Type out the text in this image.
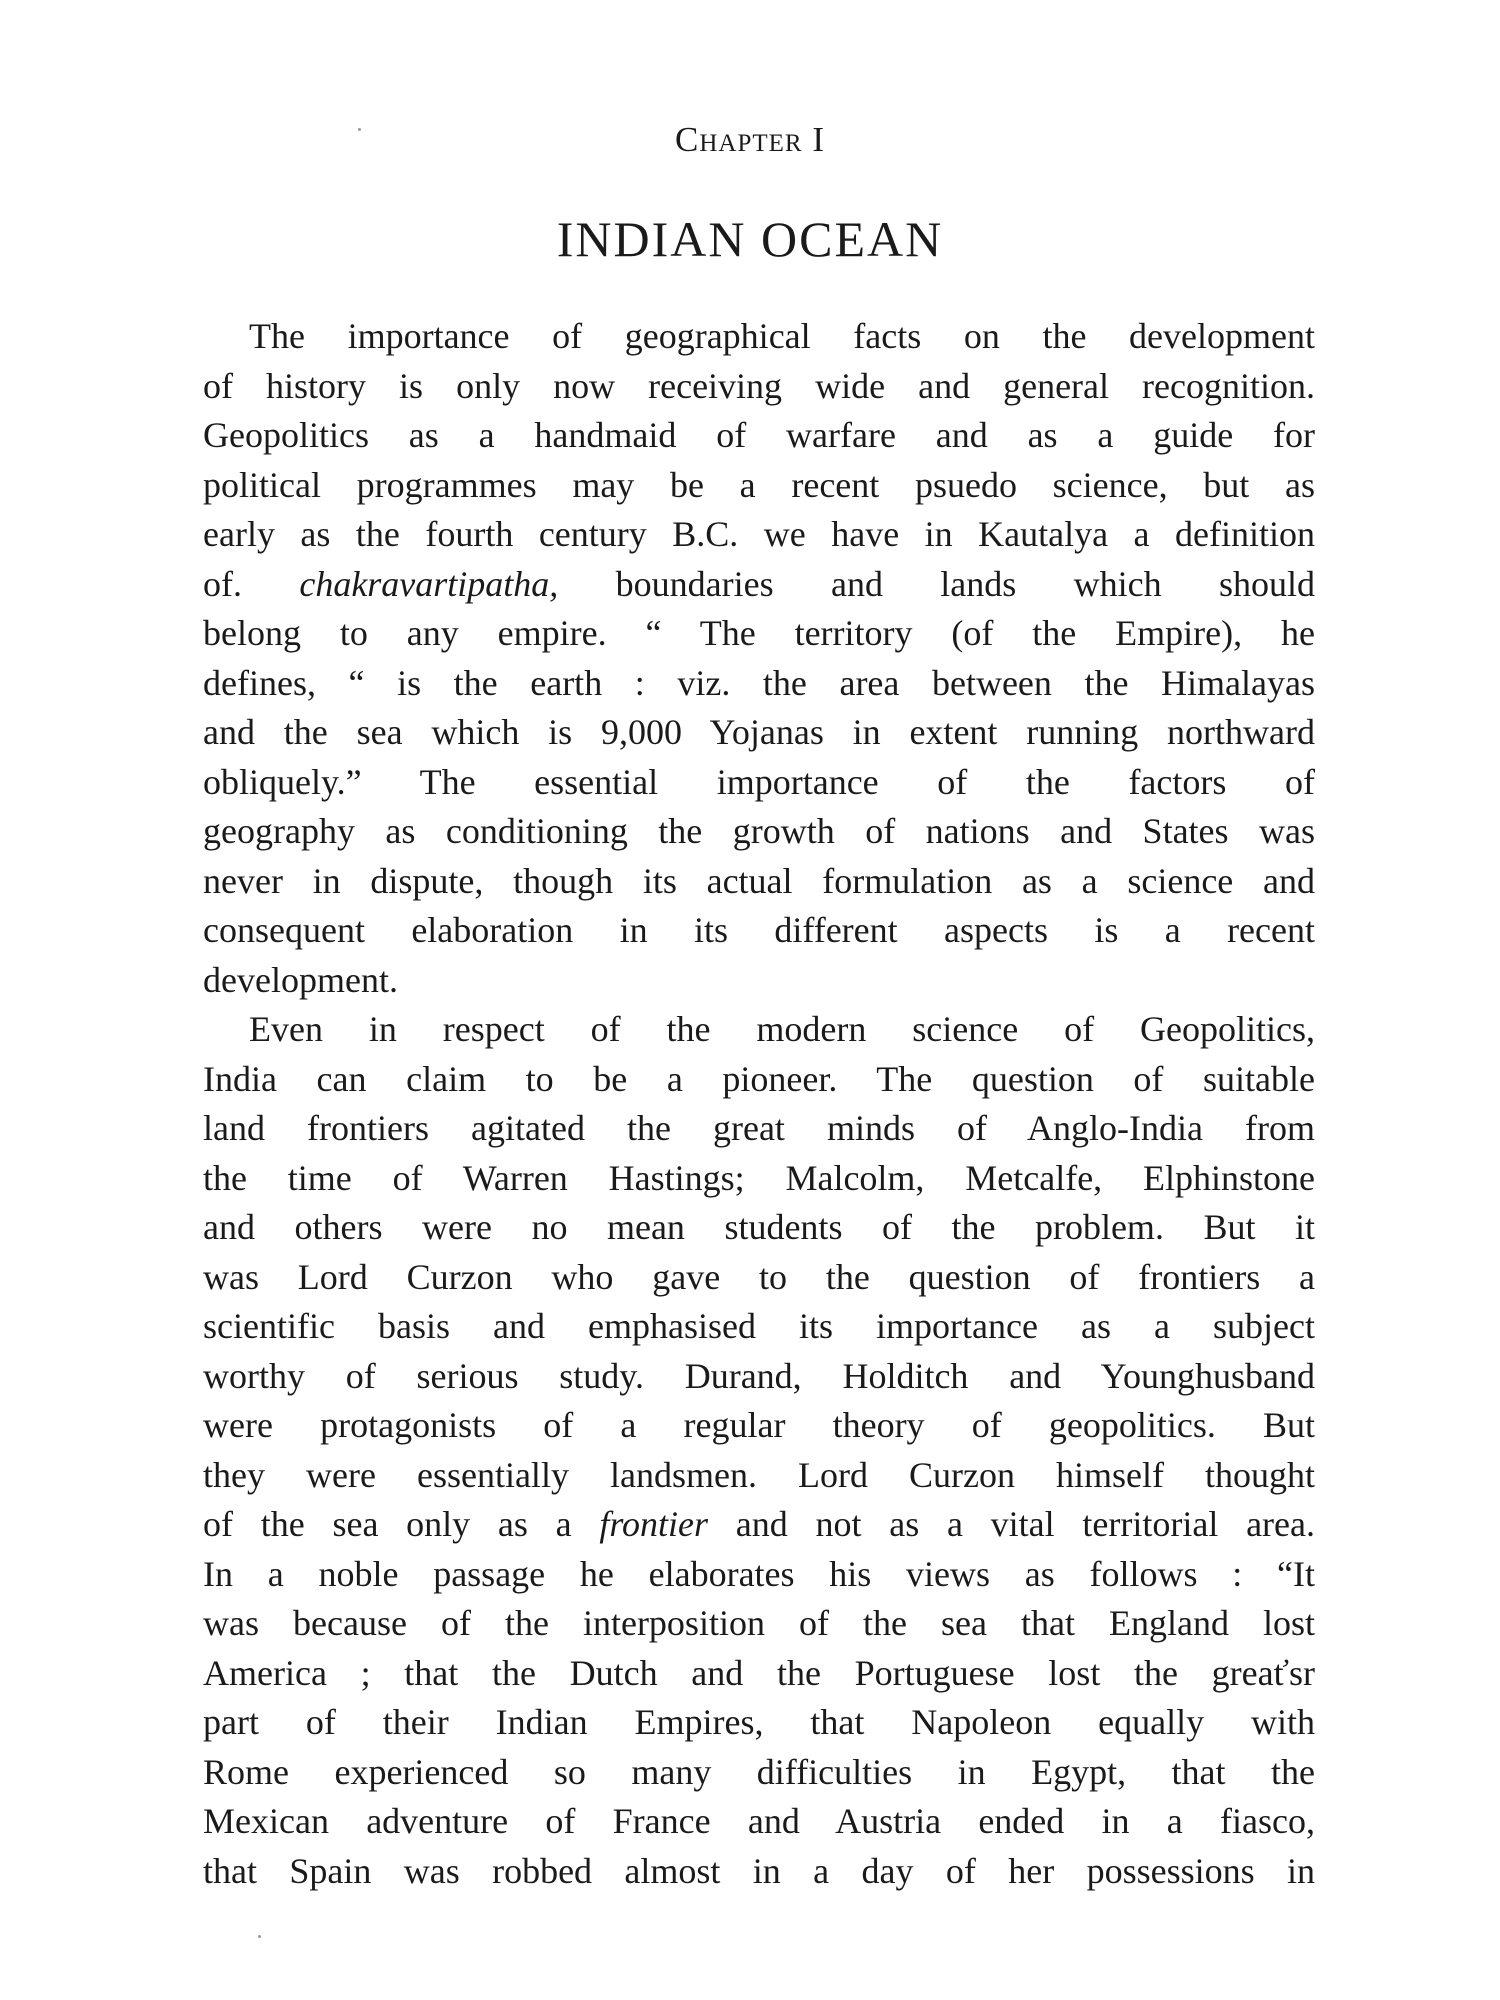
Chapter I
INDIAN OCEAN
The importance of geographical facts on the development
of history is only now receiving wide and general recognition.
Geopolitics as a handmaid of warfare and as a guide for
political programmes may be a recent psuedo science, but as
early as the fourth century B.C. we have in Kautalya a definition
of. chakravartipatha, boundaries and lands which should
belong to any empire. “ The territory (of the Empire), he
defines, “ is the earth : viz. the area between the Himalayas
and the sea which is 9,000 Yojanas in extent running northward
obliquely.” The essential importance of the factors of
geography as conditioning the growth of nations and States was
never in dispute, though its actual formulation as a science and
consequent elaboration in its different aspects is a recent
development.
Even in respect of the modern science of Geopolitics,
India can claim to be a pioneer. The question of suitable
land frontiers agitated the great minds of Anglo-India from
the time of Warren Hastings; Malcolm, Metcalfe, Elphinstone
and others were no mean students of the problem. But it
was Lord Curzon who gave to the question of frontiers a
scientific basis and emphasised its importance as a subject
worthy of serious study. Durand, Holditch and Younghusband
were protagonists of a regular theory of geopolitics. But
they were essentially landsmen. Lord Curzon himself thought
of the sea only as a frontier and not as a vital territorial area.
In a noble passage he elaborates his views as follows : “It
was because of the interposition of the sea that England lost
America ; that the Dutch and the Portuguese lost the greaťѕr
part of their Indian Empires, that Napoleon equally with
Rome experienced so many difficulties in Egypt, that the
Mexican adventure of France and Austria ended in a fiasco,
that Spain was robbed almost in a day of her possessions in
